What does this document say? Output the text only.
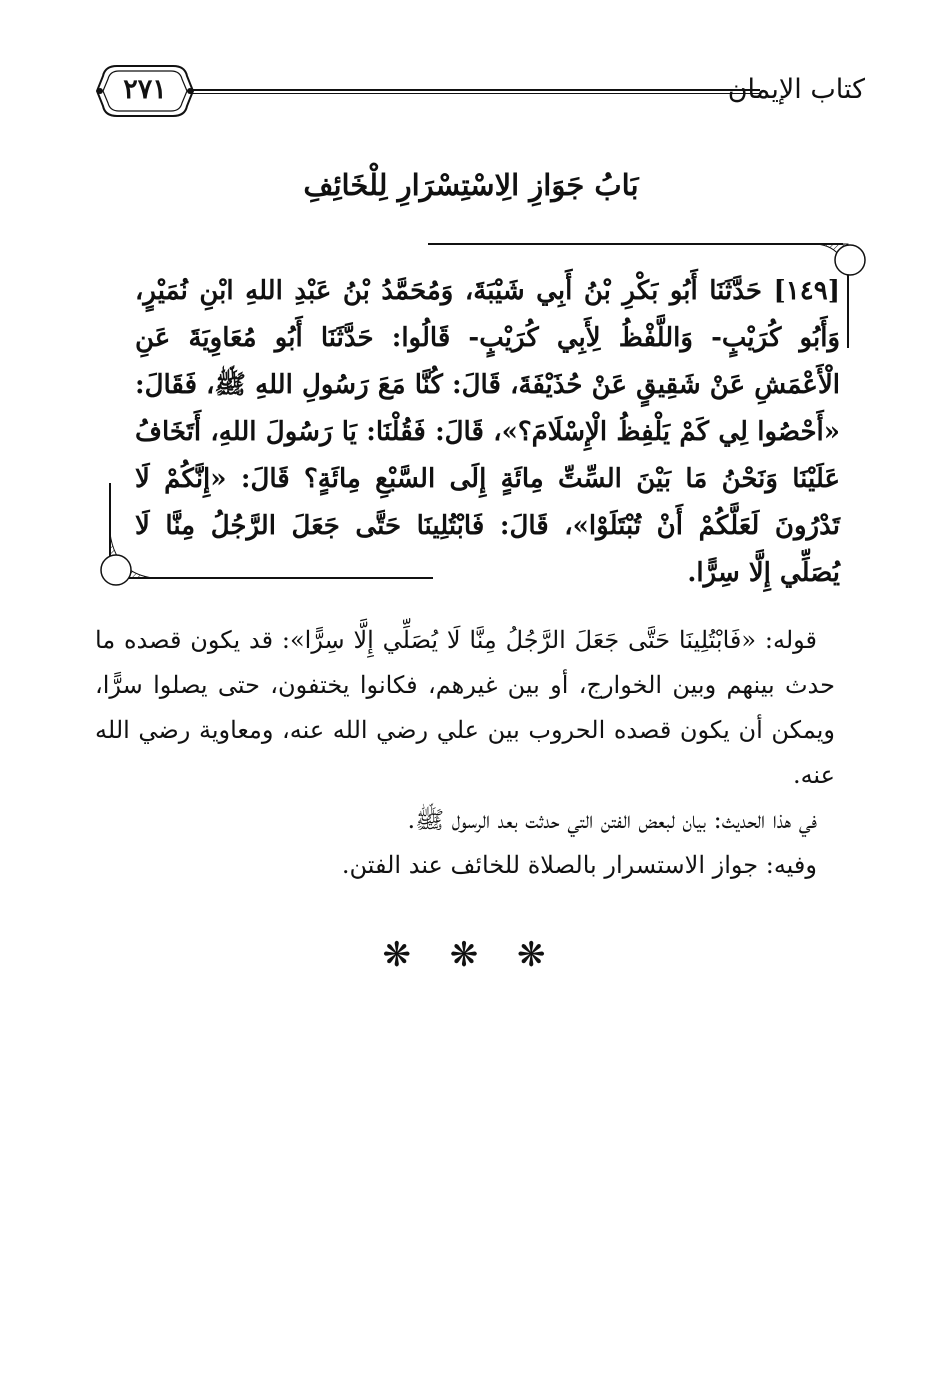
كتاب الإيمان
٢٧١
بَابُ جَوَازِ الِاسْتِسْرَارِ لِلْخَائِفِ
[١٤٩] حَدَّثَنَا أَبُو بَكْرِ بْنُ أَبِي شَيْبَةَ، وَمُحَمَّدُ بْنُ عَبْدِ اللهِ ابْنِ نُمَيْرٍ، وَأَبُو كُرَيْبٍ- وَاللَّفْظُ لِأَبِي كُرَيْبٍ- قَالُوا: حَدَّثَنَا أَبُو مُعَاوِيَةَ عَنِ الْأَعْمَشِ عَنْ شَقِيقٍ عَنْ حُذَيْفَةَ، قَالَ: كُنَّا مَعَ رَسُولِ اللهِ ﷺ، فَقَالَ: «أَحْصُوا لِي كَمْ يَلْفِظُ الْإِسْلَامَ؟»، قَالَ: فَقُلْنَا: يَا رَسُولَ اللهِ، أَتَخَافُ عَلَيْنَا وَنَحْنُ مَا بَيْنَ السِّتِّ مِائَةٍ إِلَى السَّبْعِ مِائَةٍ؟ قَالَ: «إِنَّكُمْ لَا تَدْرُونَ لَعَلَّكُمْ أَنْ تُبْتَلَوْا»، قَالَ: فَابْتُلِينَا حَتَّى جَعَلَ الرَّجُلُ مِنَّا لَا يُصَلِّي إِلَّا سِرًّا.

قوله: «فَابْتُلِينَا حَتَّى جَعَلَ الرَّجُلُ مِنَّا لَا يُصَلِّي إِلَّا سِرًّا»: قد يكون قصده ما حدث بينهم وبين الخوارج، أو بين غيرهم، فكانوا يختفون، حتى يصلوا سرًّا، ويمكن أن يكون قصده الحروب بين علي رضي الله عنه، ومعاوية رضي الله عنه.

في هذا الحديث: بيان لبعض الفتن التي حدثت بعد الرسول ﷺ.

وفيه: جواز الاستسرار بالصلاة للخائف عند الفتن.

❋ ❋ ❋
